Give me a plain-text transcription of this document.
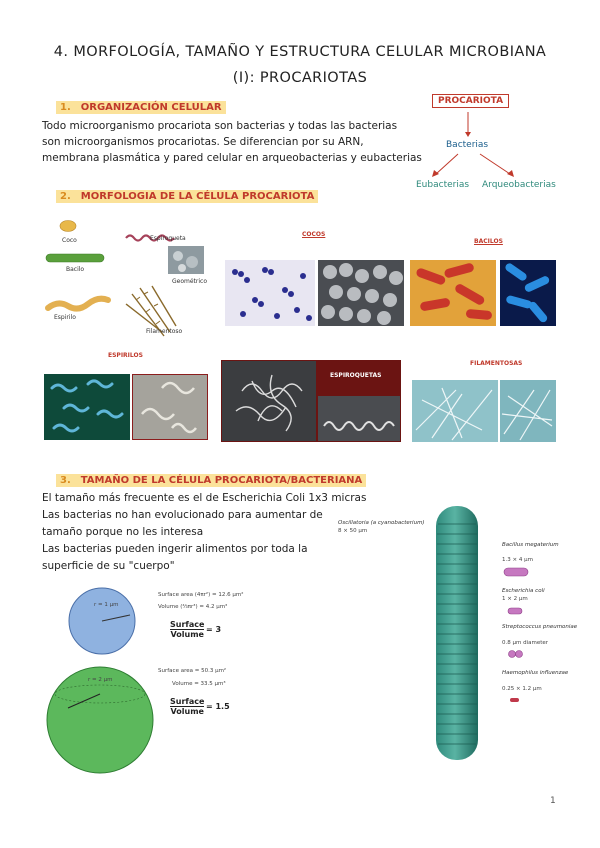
4. MORFOLOGÍA, TAMAÑO Y ESTRUCTURA CELULAR MICROBIANA
(I): PROCARIOTAS
1. ORGANIZACIÓN CELULAR
Todo microorganismo procariota son bacterias y todas las bacterias
son microorganismos procariotas. Se diferencian por su ARN,
membrana plasmática y pared celular en arqueobacterias y eubacterias
PROCARIOTA
Bacterias
Eubacterias Arqueobacterias
2. MORFOLOGIA DE LA CÉLULA PROCARIOTA
Coco	Espiroqueta
Bacilo
Geométrico
Espirilo
Filamentoso
COCOS
BACILOS
ESPIRILOS
FILAMENTOSAS
ESPIROQUETAS
3. TAMAÑO DE LA CÉLULA PROCARIOTA/BACTERIANA
El tamaño más frecuente es el de Escherichia Coli 1x3 micras
Las bacterias no han evolucionado para aumentar de
tamaño porque no les interesa
Las bacterias pueden ingerir alimentos por toda la
superficie de su "cuerpo"
r = 1 µm
Surface area (4πr²) = 12.6 µm²
Volume (⁴⁄₃πr³) = 4.2 µm³
Surface
Volume
= 3
r = 2 µm
Surface area = 50.3 µm²
Volume = 33.5 µm³
Surface
Volume
= 1.5
Oscillatoria (a cyanobacterium)
8 × 50 µm
Bacillus megaterium
1.3 × 4 µm
Escherichia coli
1 × 2 µm
Streptococcus pneumoniae
0.8 µm diameter
Haemophilus influenzae
0.25 × 1.2 µm
1
